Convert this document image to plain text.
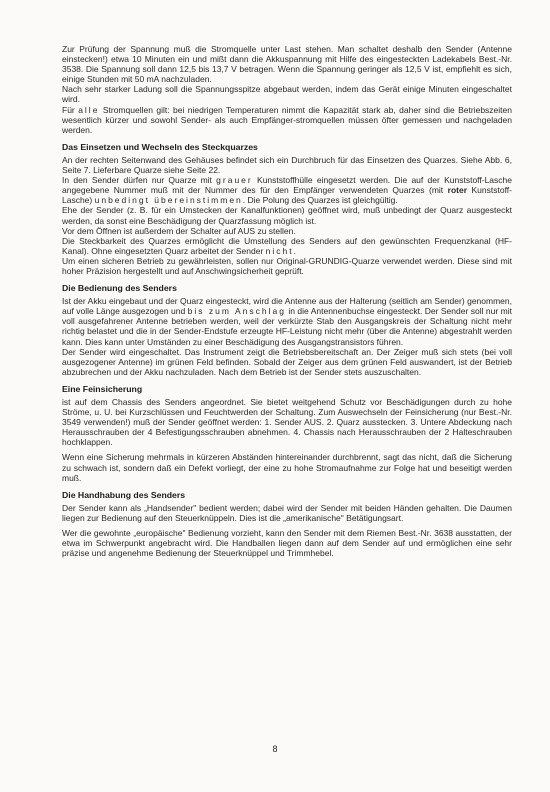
Zur Prüfung der Spannung muß die Stromquelle unter Last stehen. Man schaltet deshalb den Sender (Antenne einstecken!) etwa 10 Minuten ein und mißt dann die Akkuspannung mit Hilfe des eingesteckten Ladekabels Best.-Nr. 3538. Die Spannung soll dann 12,5 bis 13,7 V betragen. Wenn die Spannung geringer als 12,5 V ist, empfiehlt es sich, einige Stunden mit 50 mA nachzuladen.

Nach sehr starker Ladung soll die Spannungsspitze abgebaut werden, indem das Gerät einige Minuten eingeschaltet wird.

Für alle Stromquellen gilt: bei niedrigen Temperaturen nimmt die Kapazität stark ab, daher sind die Betriebszeiten wesentlich kürzer und sowohl Sender- als auch Empfänger-stromquellen müssen öfter gemessen und nachgeladen werden.

Das Einsetzen und Wechseln des Steckquarzes

An der rechten Seitenwand des Gehäuses befindet sich ein Durchbruch für das Einsetzen des Quarzes. Siehe Abb. 6, Seite 7. Lieferbare Quarze siehe Seite 22.

In den Sender dürfen nur Quarze mit grauer Kunststoffhülle eingesetzt werden. Die auf der Kunststoff-Lasche angegebene Nummer muß mit der Nummer des für den Empfänger verwendeten Quarzes (mit roter Kunststoff-Lasche) unbedingt übereinstimmen. Die Polung des Quarzes ist gleichgültig.

Ehe der Sender (z. B. für ein Umstecken der Kanalfunktionen) geöffnet wird, muß unbedingt der Quarz ausgesteckt werden, da sonst eine Beschädigung der Quarzfassung möglich ist.

Vor dem Öffnen ist außerdem der Schalter auf AUS zu stellen.

Die Steckbarkeit des Quarzes ermöglicht die Umstellung des Senders auf den gewünschten Frequenzkanal (HF-Kanal). Ohne eingesetzten Quarz arbeitet der Sender nicht.

Um einen sicheren Betrieb zu gewährleisten, sollen nur Original-GRUNDIG-Quarze verwendet werden. Diese sind mit hoher Präzision hergestellt und auf Anschwingsicherheit geprüft.

Die Bedienung des Senders

Ist der Akku eingebaut und der Quarz eingesteckt, wird die Antenne aus der Halterung (seitlich am Sender) genommen, auf volle Länge ausgezogen und bis zum Anschlag in die Antennenbuchse eingesteckt. Der Sender soll nur mit voll ausgefahrener Antenne betrieben werden, weil der verkürzte Stab den Ausgangskreis der Schaltung nicht mehr richtig belastet und die in der Sender-Endstufe erzeugte HF-Leistung nicht mehr (über die Antenne) abgestrahlt werden kann. Dies kann unter Umständen zu einer Beschädigung des Ausgangstransistors führen.

Der Sender wird eingeschaltet. Das Instrument zeigt die Betriebsbereitschaft an. Der Zeiger muß sich stets (bei voll ausgezogener Antenne) im grünen Feld befinden. Sobald der Zeiger aus dem grünen Feld auswandert, ist der Betrieb abzubrechen und der Akku nachzuladen. Nach dem Betrieb ist der Sender stets auszuschalten.

Eine Feinsicherung

ist auf dem Chassis des Senders angeordnet. Sie bietet weitgehend Schutz vor Beschädigungen durch zu hohe Ströme, u. U. bei Kurzschlüssen und Feuchtwerden der Schaltung. Zum Auswechseln der Feinsicherung (nur Best.-Nr. 3549 verwenden!) muß der Sender geöffnet werden: 1. Sender AUS. 2. Quarz ausstecken. 3. Untere Abdeckung nach Herausschrauben der 4 Befestigungsschrauben abnehmen. 4. Chassis nach Herausschrauben der 2 Halteschrauben hochklappen.

Wenn eine Sicherung mehrmals in kürzeren Abständen hintereinander durchbrennt, sagt das nicht, daß die Sicherung zu schwach ist, sondern daß ein Defekt vorliegt, der eine zu hohe Stromaufnahme zur Folge hat und beseitigt werden muß.

Die Handhabung des Senders

Der Sender kann als „Handsender" bedient werden; dabei wird der Sender mit beiden Händen gehalten. Die Daumen liegen zur Bedienung auf den Steuerknüppeln. Dies ist die „amerikanische" Betätigungsart.

Wer die gewohnte „europäische" Bedienung vorzieht, kann den Sender mit dem Riemen Best.-Nr. 3638 ausstatten, der etwa im Schwerpunkt angebracht wird. Die Handballen liegen dann auf dem Sender auf und ermöglichen eine sehr präzise und angenehme Bedienung der Steuerknüppel und Trimmhebel.

8
